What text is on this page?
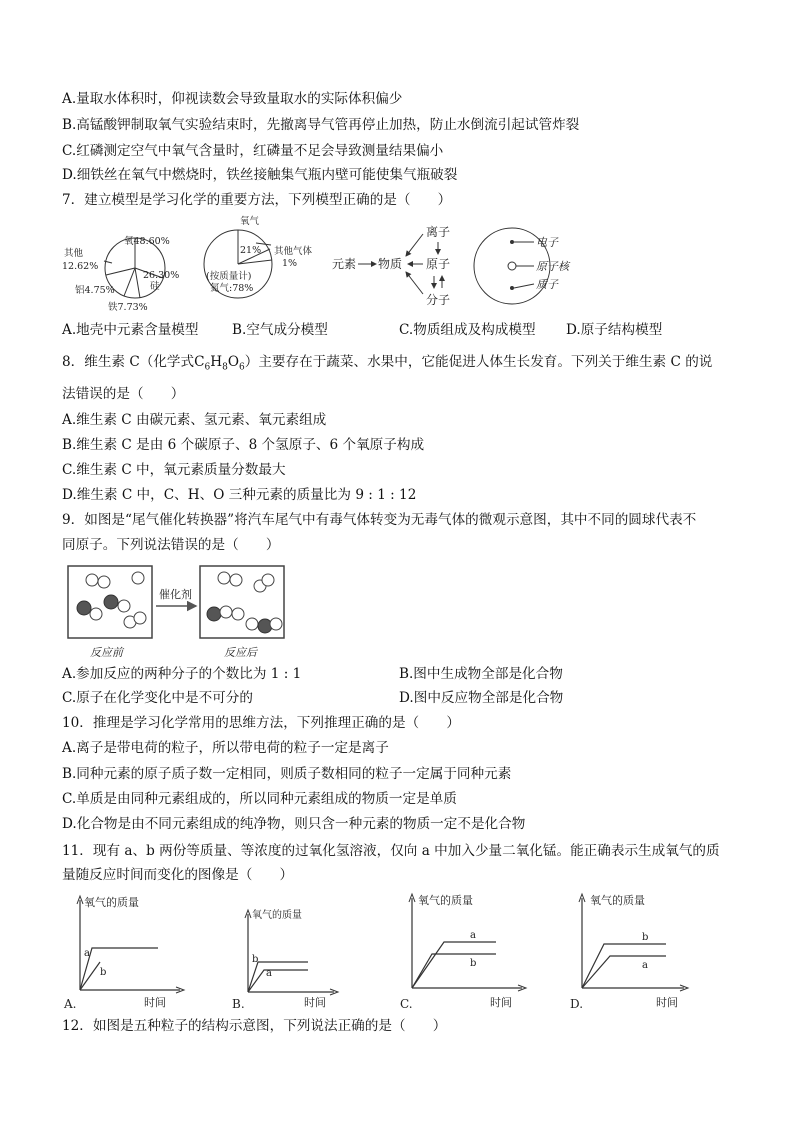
A.量取水体积时，仰视读数会导致量取水的实际体积偏少
B.高锰酸钾制取氧气实验结束时，先撤离导气管再停止加热，防止水倒流引起试管炸裂
C.红磷测定空气中氧气含量时，红磷量不足会导致测量结果偏小
D.细铁丝在氧气中燃烧时，铁丝接触集气瓶内壁可能使集气瓶破裂
7．建立模型是学习化学的重要方法，下列模型正确的是（　　）
氧48.60%
其他
12.62%
26.30%
硅
铝4.75%
铁7.73%
氧气
21% 其他气体
1%
(按质量计)
氮气:78%
元素 物质
离子
原子
分子
电子
原子核
质子
A.地壳中元素含量模型 B.空气成分模型	C.物质组成及构成模型 D.原子结构模型
8．维生素 C（化学式$C_6H_8O_6$）主要存在于蔬菜、水果中，它能促进人体生长发育。下列关于维生素 C 的说
法错误的是（　　）
A.维生素 C 由碳元素、氢元素、氧元素组成
B.维生素 C 是由 6 个碳原子、8 个氢原子、6 个氧原子构成
C.维生素 C 中，氧元素质量分数最大
D.维生素 C 中，C、H、O 三种元素的质量比为 9 : 1 : 12
9．如图是“尾气催化转换器”将汽车尾气中有毒气体转变为无毒气体的微观示意图，其中不同的圆球代表不
同原子。下列说法错误的是（　　）
催化剂
反应前	反应后
A.参加反应的两种分子的个数比为 1 : 1	B.图中生成物全部是化合物
C.原子在化学变化中是不可分的	D.图中反应物全部是化合物
10．推理是学习化学常用的思维方法，下列推理正确的是（　　）
A.离子是带电荷的粒子，所以带电荷的粒子一定是离子
B.同种元素的原子质子数一定相同，则质子数相同的粒子一定属于同种元素
C.单质是由同种元素组成的，所以同种元素组成的物质一定是单质
D.化合物是由不同元素组成的纯净物，则只含一种元素的物质一定不是化合物
11．现有 a、b 两份等质量、等浓度的过氧化氢溶液，仅向 a 中加入少量二氧化锰。能正确表示生成氧气的质
量随反应时间而变化的图像是（　　）
氧气的质量
a
b
时间
A.
氧气的质量
b
a
时间
B.
氧气的质量
a
b
时间
C.
氧气的质量
b
a
时间
D.
12．如图是五种粒子的结构示意图，下列说法正确的是（　　）
